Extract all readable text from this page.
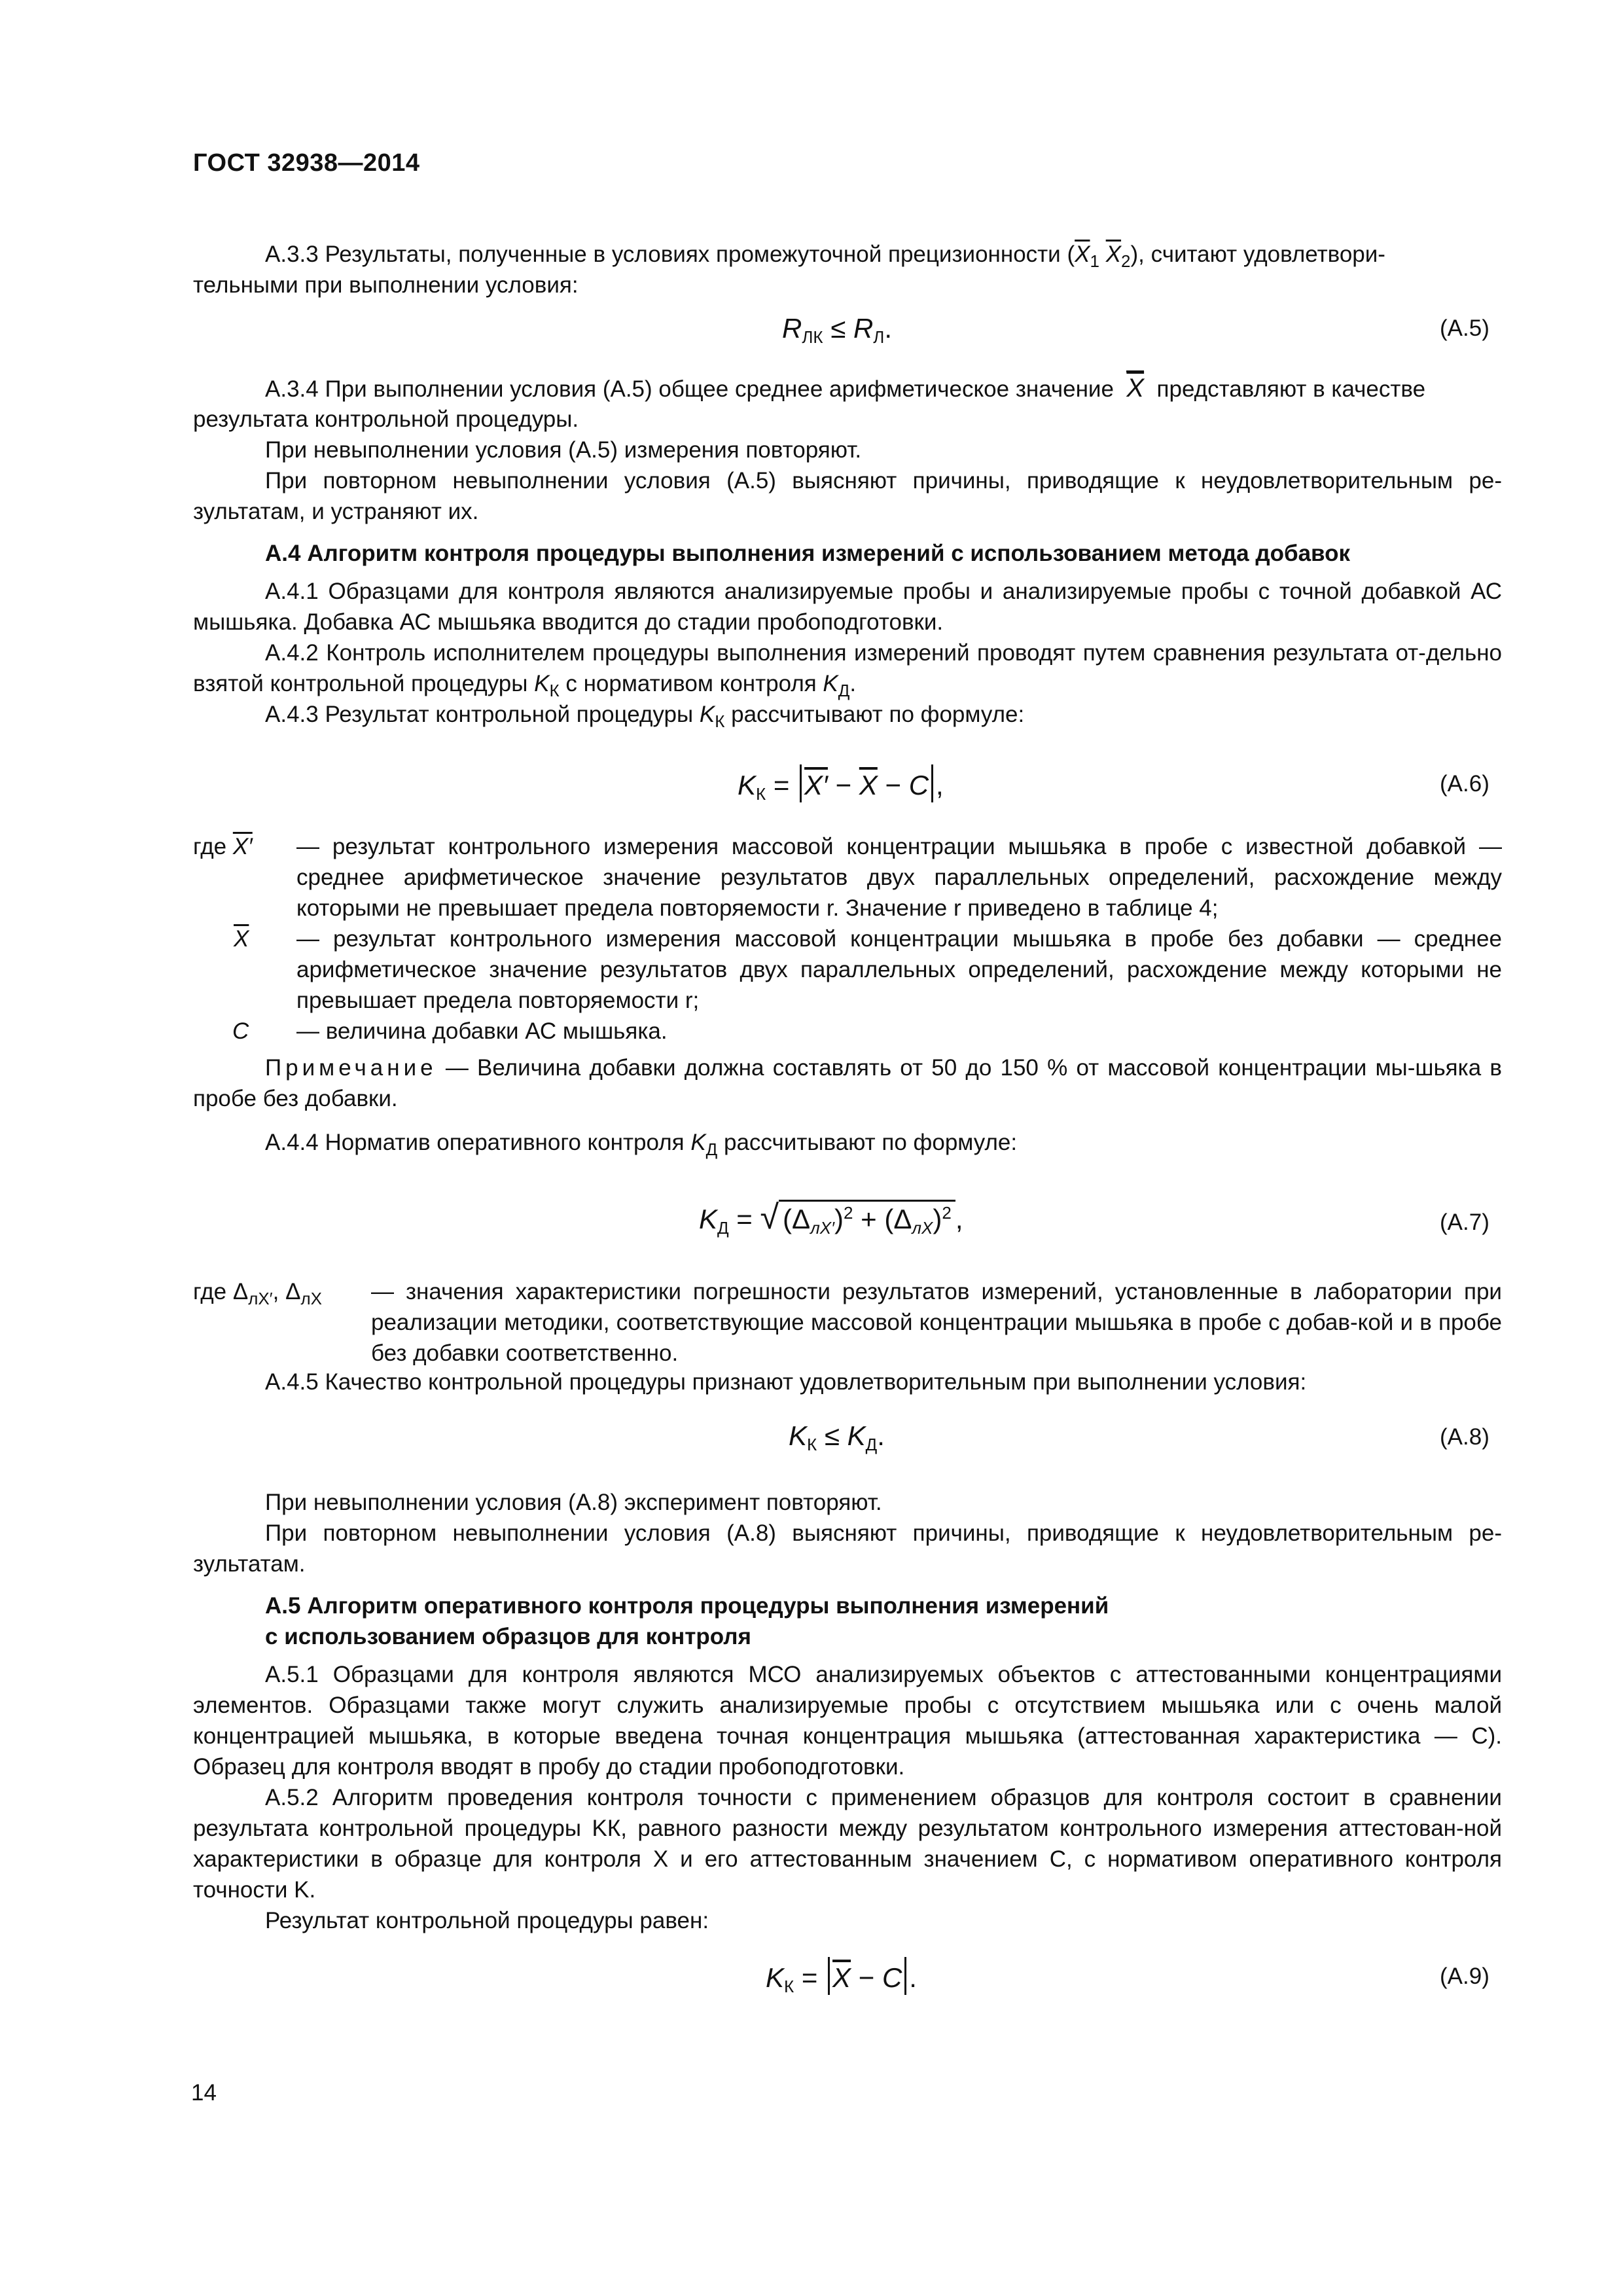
ГОСТ 32938—2014
А.3.3 Результаты, полученные в условиях промежуточной прецизионности ($\overline{X}_1$ $\overline{X}_2$), считают удовлетвори-
тельными при выполнении условия:
$R_{ЛК} \le R_Л$.	(А.5)
А.3.4 При выполнении условия (А.5) общее среднее арифметическое значение $\overline{X}$ представляют в качестве
результата контрольной процедуры.
При невыполнении условия (А.5) измерения повторяют.
При повторном невыполнении условия (А.5) выясняют причины, приводящие к неудовлетворительным ре-зультатам, и устраняют их.
А.4 Алгоритм контроля процедуры выполнения измерений с использованием метода добавок
А.4.1 Образцами для контроля являются анализируемые пробы и анализируемые пробы с точной добавкой АС мышьяка. Добавка АС мышьяка вводится до стадии пробоподготовки.
А.4.2 Контроль исполнителем процедуры выполнения измерений проводят путем сравнения результата от-дельно взятой контрольной процедуры $K_К$ с нормативом контроля $K_Д$.
А.4.3 Результат контрольной процедуры $K_К$ рассчитывают по формуле:
$K_К = X' - \overline{X} - C$ ,	(А.6)
где X′ — результат контрольного измерения массовой концентрации мышьяка в пробе с известной добавкой — среднее арифметическое значение результатов двух параллельных определений, расхождение между которыми не превышает предела повторяемости r. Значение r приведено в таблице 4;
$\overline{X}$ — результат контрольного измерения массовой концентрации мышьяка в пробе без добавки — среднее арифметическое значение результатов двух параллельных определений, расхождение между которыми не превышает предела повторяемости r;
C — величина добавки АС мышьяка.
Примечание — Величина добавки должна составлять от 50 до 150 % от массовой концентрации мы-шьяка в пробе без добавки.
А.4.4 Норматив оперативного контроля $K_Д$ рассчитывают по формуле:
$K_Д$ = √ $(\Delta_{лX'})^2 + (\Delta_{лX})^2$ ,	(А.7)
где $\Delta_{лX'}$, $\Delta_{лX}$ — значения характеристики погрешности результатов измерений, установленные в лаборатории при реализации методики, соответствующие массовой концентрации мышьяка в пробе с добав-кой и в пробе без добавки соответственно.
А.4.5 Качество контрольной процедуры признают удовлетворительным при выполнении условия:
$K_К \le K_Д$.	(А.8)
При невыполнении условия (А.8) эксперимент повторяют.
При повторном невыполнении условия (А.8) выясняют причины, приводящие к неудовлетворительным ре-зультатам.
А.5 Алгоритм оперативного контроля процедуры выполнения измерений
с использованием образцов для контроля
А.5.1 Образцами для контроля являются МСО анализируемых объектов с аттестованными концентрациями элементов. Образцами также могут служить анализируемые пробы с отсутствием мышьяка или с очень малой концентрацией мышьяка, в которые введена точная концентрация мышьяка (аттестованная характеристика — С). Образец для контроля вводят в пробу до стадии пробоподготовки.
А.5.2 Алгоритм проведения контроля точности с применением образцов для контроля состоит в сравнении результата контрольной процедуры KК, равного разности между результатом контрольного измерения аттестован-ной характеристики в образце для контроля X и его аттестованным значением С, с нормативом оперативного контроля точности K.
Результат контрольной процедуры равен:
$K_К = \overline{X} - C$ .	(А.9)
14
